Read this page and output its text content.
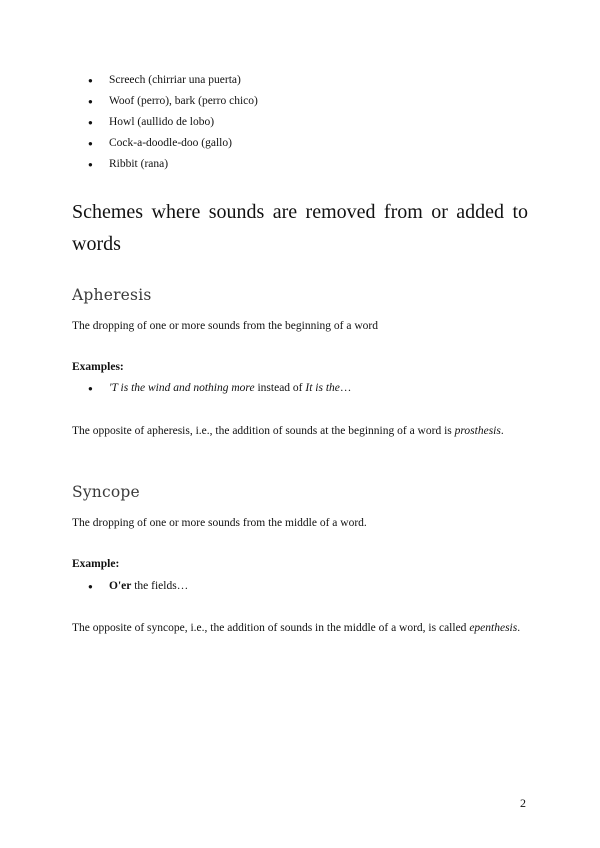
● Screech (chirriar una puerta)
● Woof (perro), bark (perro chico)
● Howl (aullido de lobo)
● Cock-a-doodle-doo (gallo)
● Ribbit (rana)
Schemes where sounds are removed from or added to words
Apheresis

The dropping of one or more sounds from the beginning of a word

Examples:

● 'T is the wind and nothing more instead of It is the…

The opposite of apheresis, i.e., the addition of sounds at the beginning of a word is prosthesis.

Syncope

The dropping of one or more sounds from the middle of a word.

Example:

● O'er the fields…

The opposite of syncope, i.e., the addition of sounds in the middle of a word, is called epenthesis.

2
